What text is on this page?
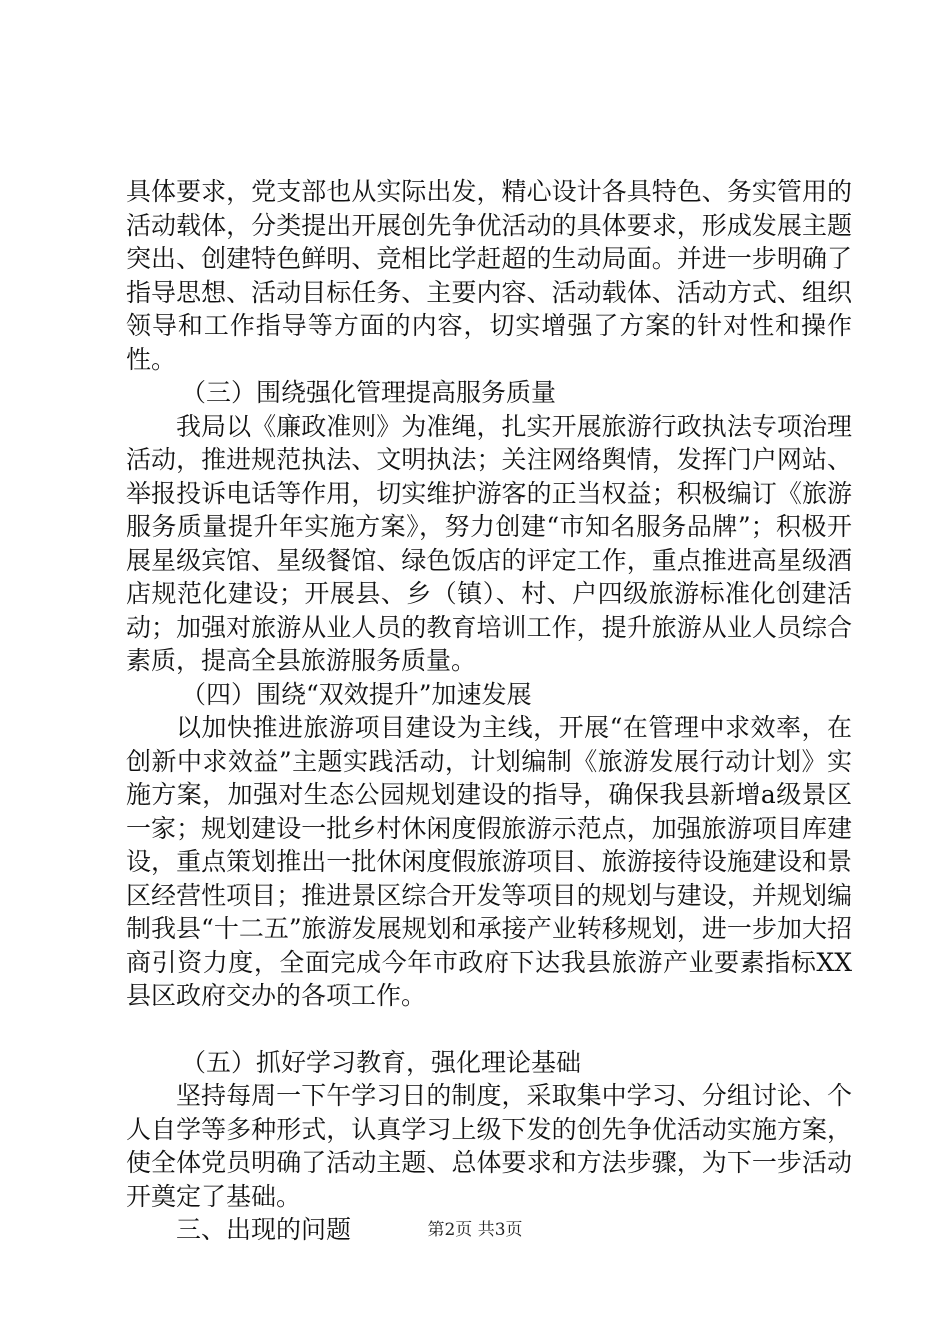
具体要求，党支部也从实际出发，精心设计各具特色、务实管用的活动载体，分类提出开展创先争优活动的具体要求，形成发展主题突出、创建特色鲜明、竞相比学赶超的生动局面。并进一步明确了指导思想、活动目标任务、主要内容、活动载体、活动方式、组织领导和工作指导等方面的内容，切实增强了方案的针对性和操作性。

（三）围绕强化管理提高服务质量

我局以《廉政准则》为准绳，扎实开展旅游行政执法专项治理活动，推进规范执法、文明执法；关注网络舆情，发挥门户网站、举报投诉电话等作用，切实维护游客的正当权益；积极编订《旅游服务质量提升年实施方案》，努力创建“市知名服务品牌”；积极开展星级宾馆、星级餐馆、绿色饭店的评定工作，重点推进高星级酒店规范化建设；开展县、乡（镇）、村、户四级旅游标准化创建活动；加强对旅游从业人员的教育培训工作，提升旅游从业人员综合素质，提高全县旅游服务质量。

（四）围绕“双效提升”加速发展

以加快推进旅游项目建设为主线，开展“在管理中求效率，在创新中求效益”主题实践活动，计划编制《旅游发展行动计划》实施方案，加强对生态公园规划建设的指导，确保我县新增a级景区一家；规划建设一批乡村休闲度假旅游示范点，加强旅游项目库建设，重点策划推出一批休闲度假旅游项目、旅游接待设施建设和景区经营性项目；推进景区综合开发等项目的规划与建设，并规划编制我县“十二五”旅游发展规划和承接产业转移规划，进一步加大招商引资力度，全面完成今年市政府下达我县旅游产业要素指标XX县区政府交办的各项工作。

（五）抓好学习教育，强化理论基础

坚持每周一下午学习日的制度，采取集中学习、分组讨论、个人自学等多种形式，认真学习上级下发的创先争优活动实施方案，使全体党员明确了活动主题、总体要求和方法步骤，为下一步活动开奠定了基础。

三、出现的问题	第2页 共3页
